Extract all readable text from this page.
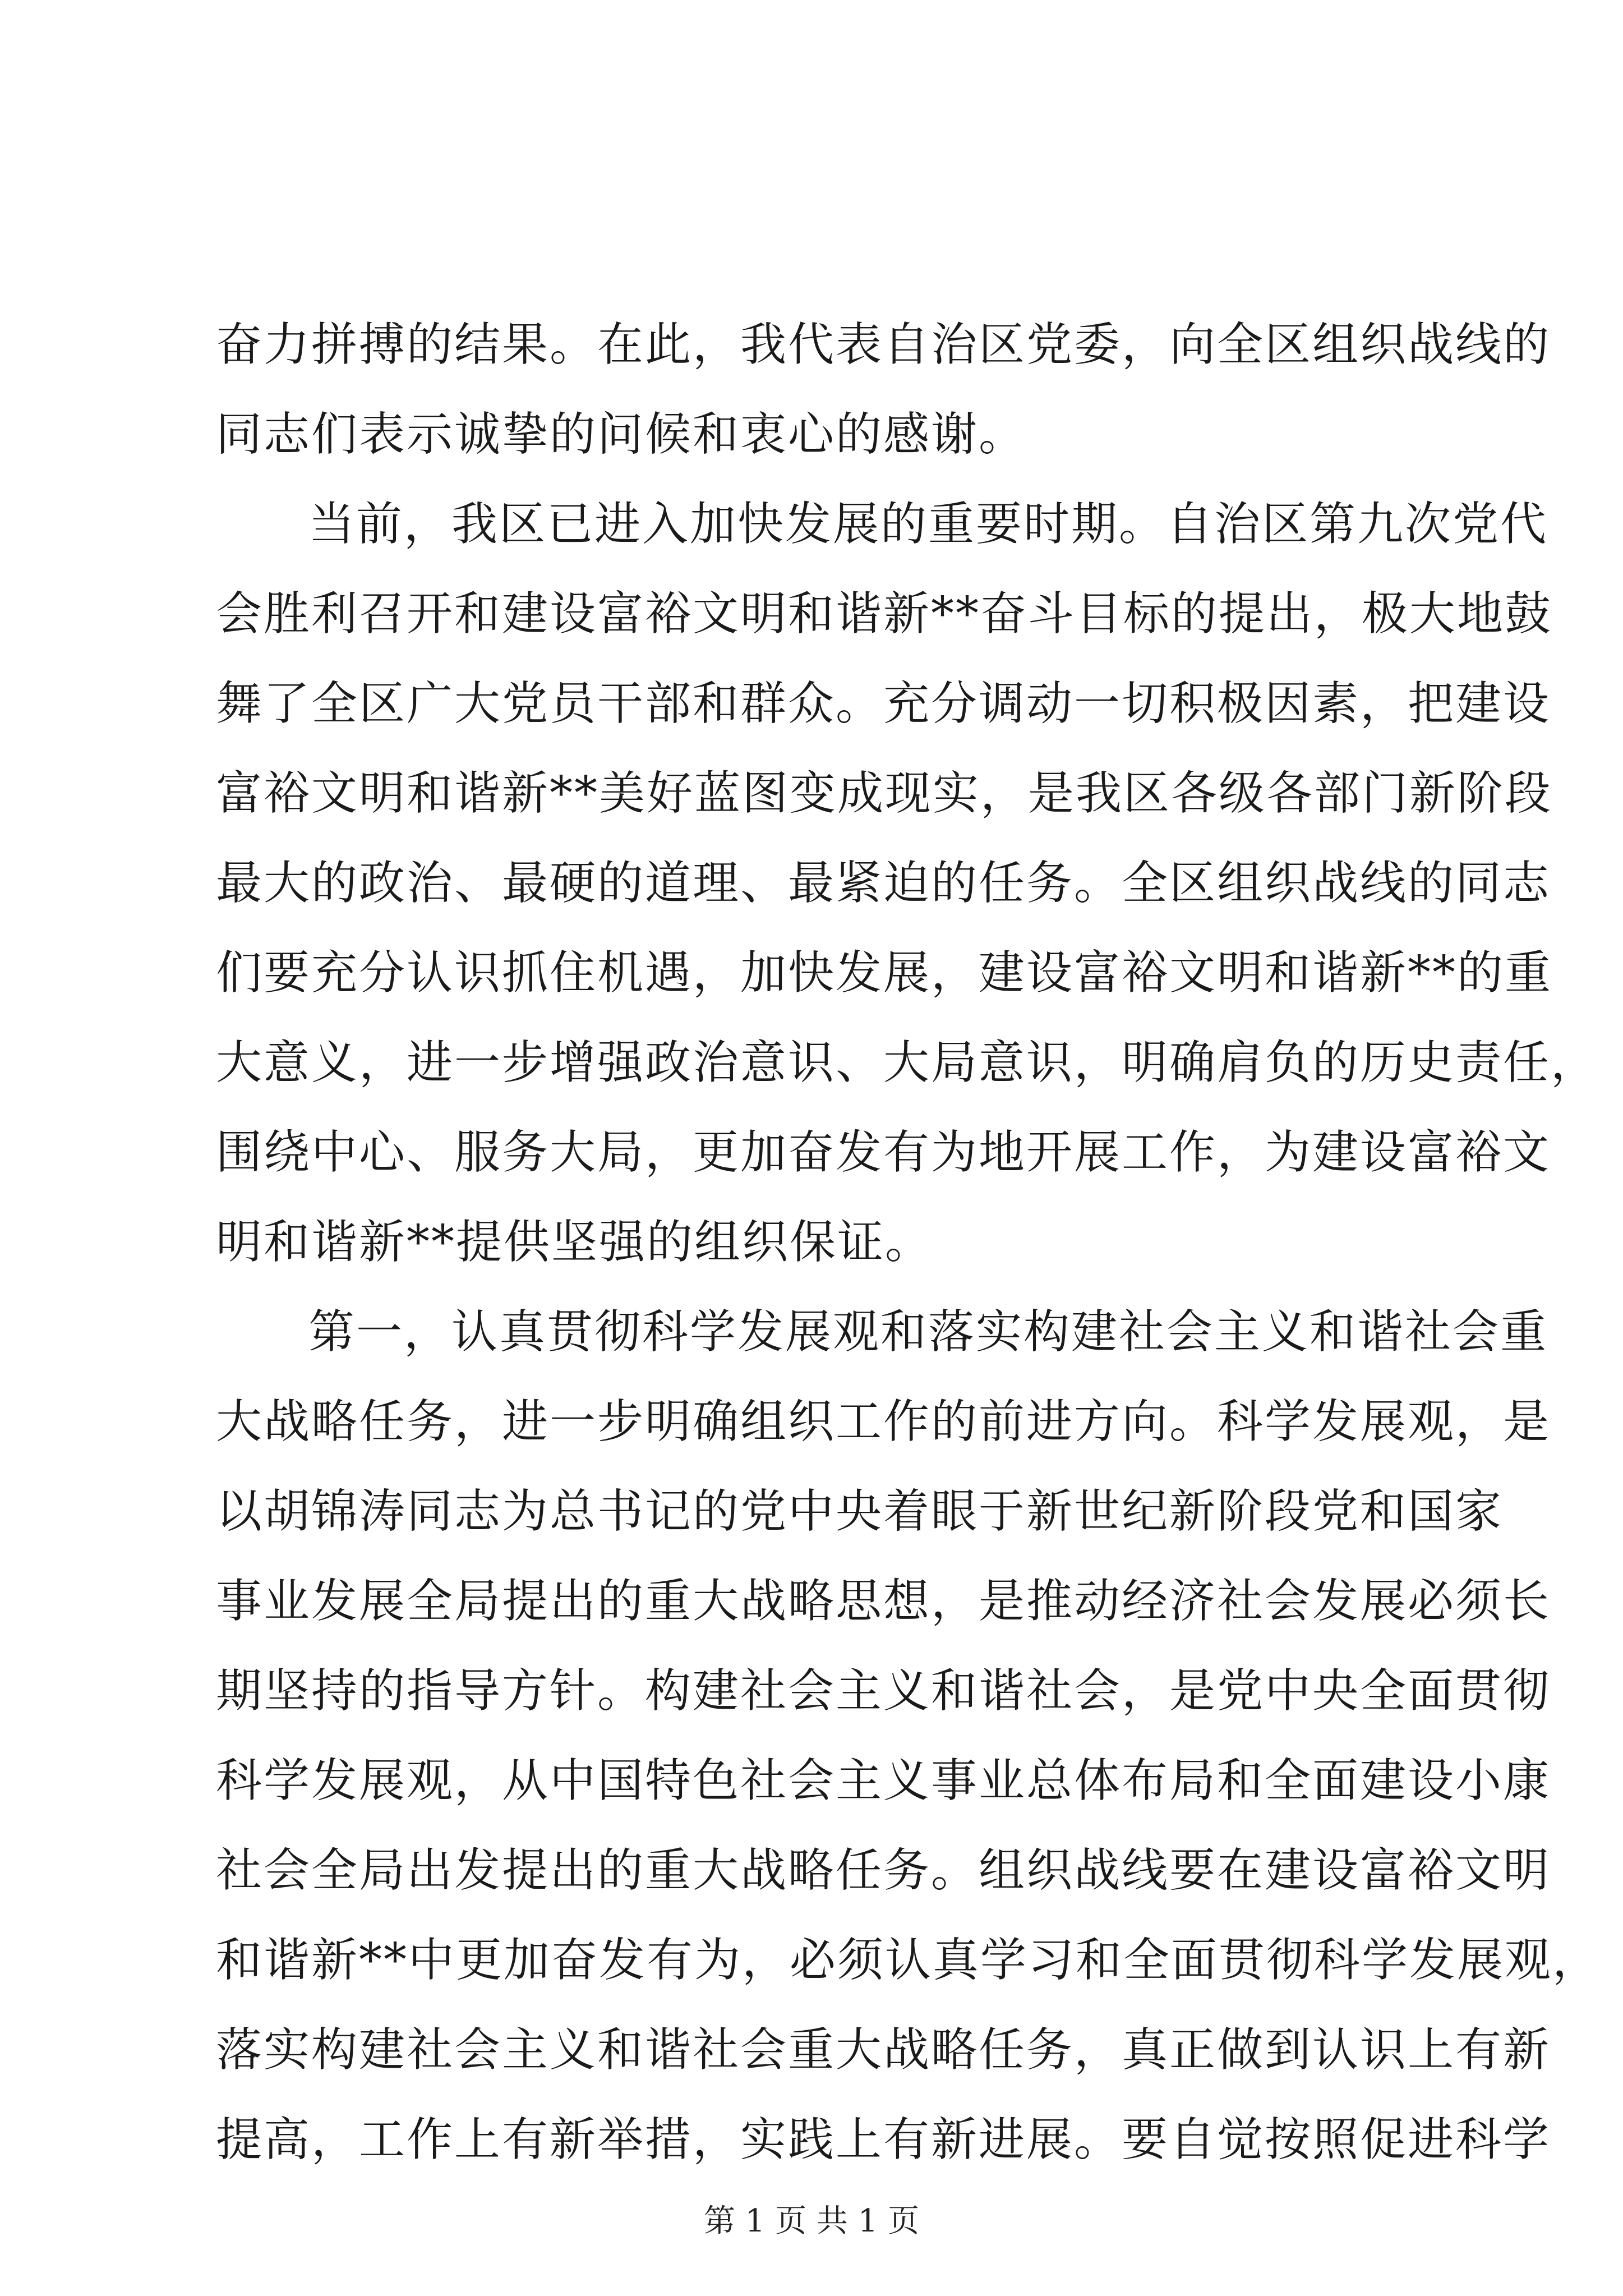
奋力拼搏的结果。在此，我代表自治区党委，向全区组织战线的
同志们表示诚挚的问候和衷心的感谢。
当前，我区已进入加快发展的重要时期。自治区第九次党代
会胜利召开和建设富裕文明和谐新**奋斗目标的提出，极大地鼓
舞了全区广大党员干部和群众。充分调动一切积极因素，把建设
富裕文明和谐新**美好蓝图变成现实，是我区各级各部门新阶段
最大的政治、最硬的道理、最紧迫的任务。全区组织战线的同志
们要充分认识抓住机遇，加快发展，建设富裕文明和谐新**的重
大意义，进一步增强政治意识、大局意识，明确肩负的历史责任，
围绕中心、服务大局，更加奋发有为地开展工作，为建设富裕文
明和谐新**提供坚强的组织保证。
第一，认真贯彻科学发展观和落实构建社会主义和谐社会重
大战略任务，进一步明确组织工作的前进方向。科学发展观，是
以胡锦涛同志为总书记的党中央着眼于新世纪新阶段党和国家
事业发展全局提出的重大战略思想，是推动经济社会发展必须长
期坚持的指导方针。构建社会主义和谐社会，是党中央全面贯彻
科学发展观，从中国特色社会主义事业总体布局和全面建设小康
社会全局出发提出的重大战略任务。组织战线要在建设富裕文明
和谐新**中更加奋发有为，必须认真学习和全面贯彻科学发展观，
落实构建社会主义和谐社会重大战略任务，真正做到认识上有新
提高，工作上有新举措，实践上有新进展。要自觉按照促进科学
第 1 页 共 1 页
